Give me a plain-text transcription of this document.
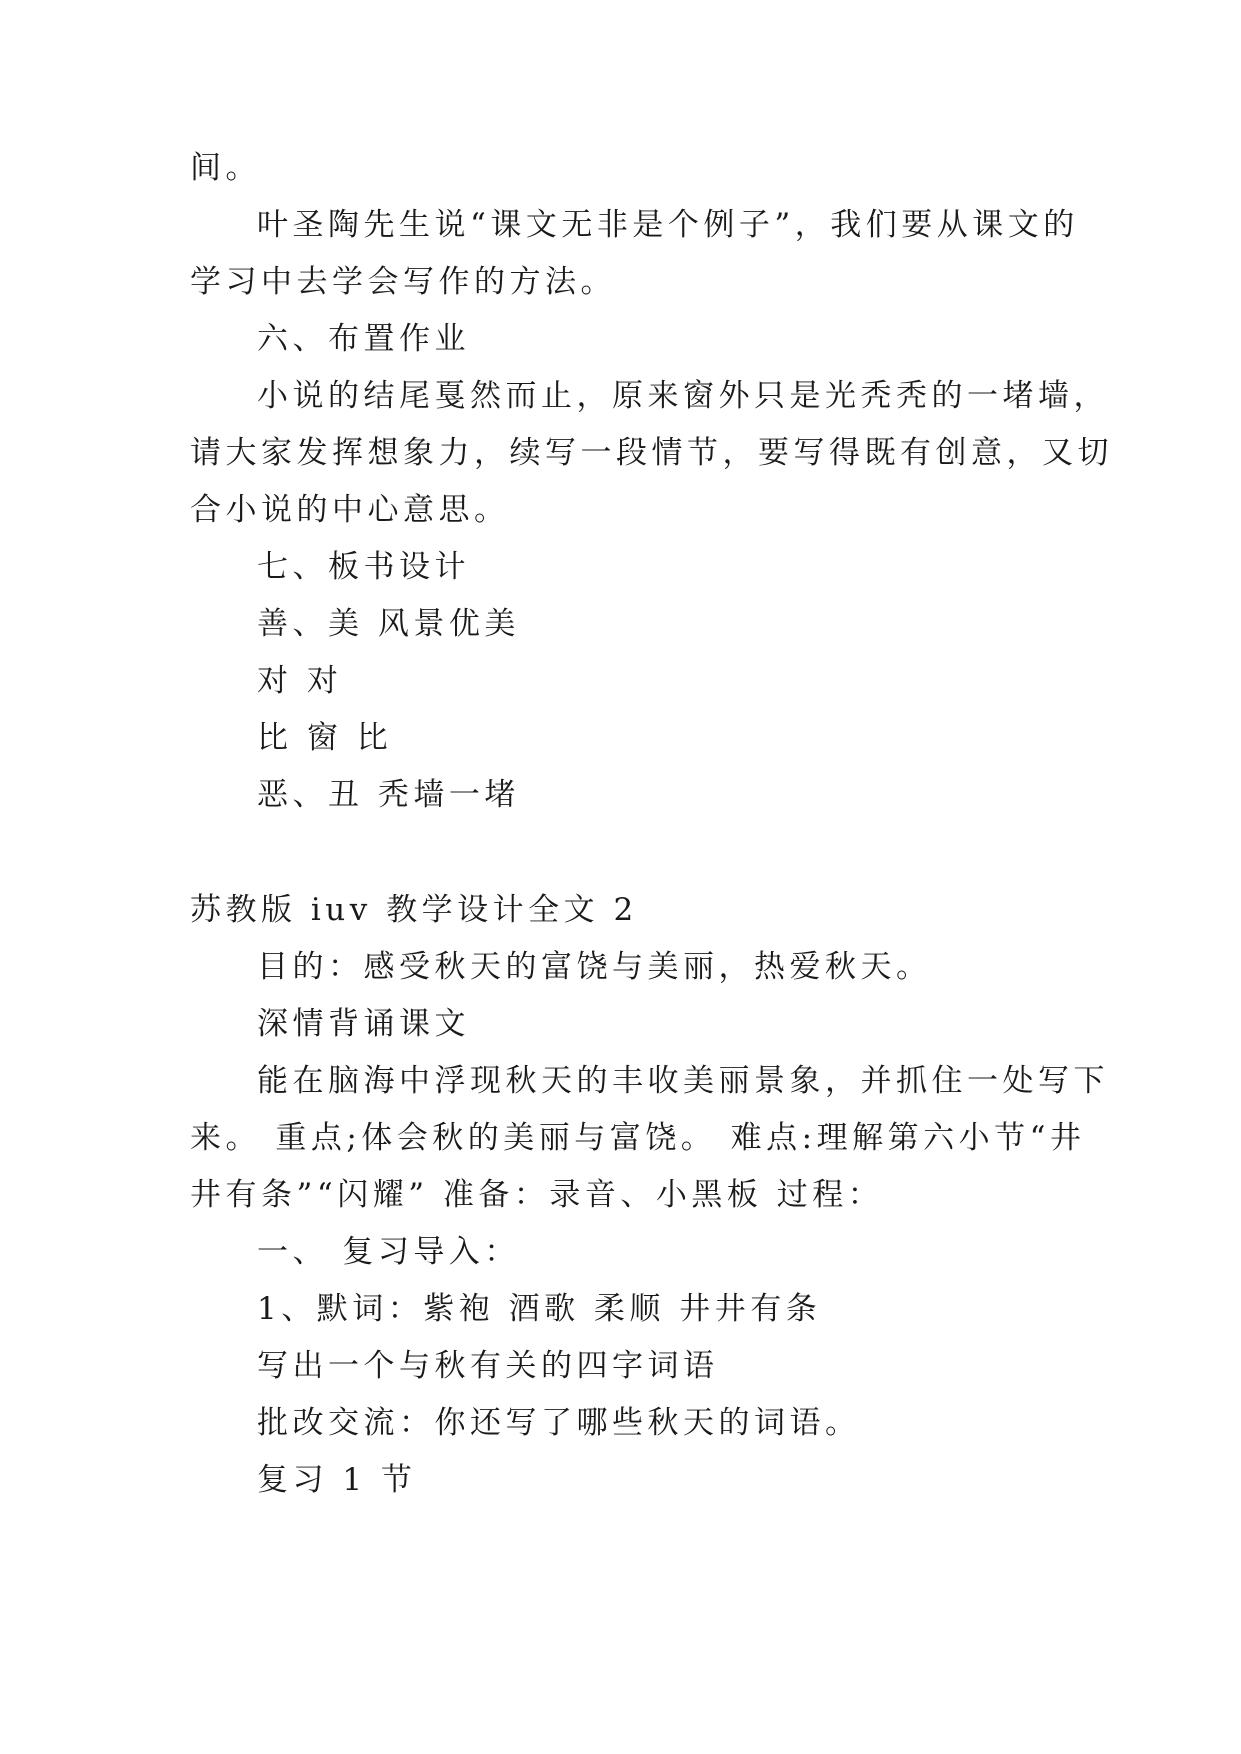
间。

叶圣陶先生说“课文无非是个例子”，我们要从课文的

学习中去学会写作的方法。

六、布置作业

小说的结尾戛然而止，原来窗外只是光秃秃的一堵墙，

请大家发挥想象力，续写一段情节，要写得既有创意，又切

合小说的中心意思。

七、板书设计

善、美 风景优美

对 对

比 窗 比

恶、丑 秃墙一堵

苏教版 iuv 教学设计全文 2

目的：感受秋天的富饶与美丽，热爱秋天。

深情背诵课文

能在脑海中浮现秋天的丰收美丽景象，并抓住一处写下

来。 重点;体会秋的美丽与富饶。 难点:理解第六小节“井

井有条”“闪耀” 准备：录音、小黑板 过程：

一、 复习导入：

1、默词：紫袍 酒歌 柔顺 井井有条

写出一个与秋有关的四字词语

批改交流：你还写了哪些秋天的词语。

复习 1 节
